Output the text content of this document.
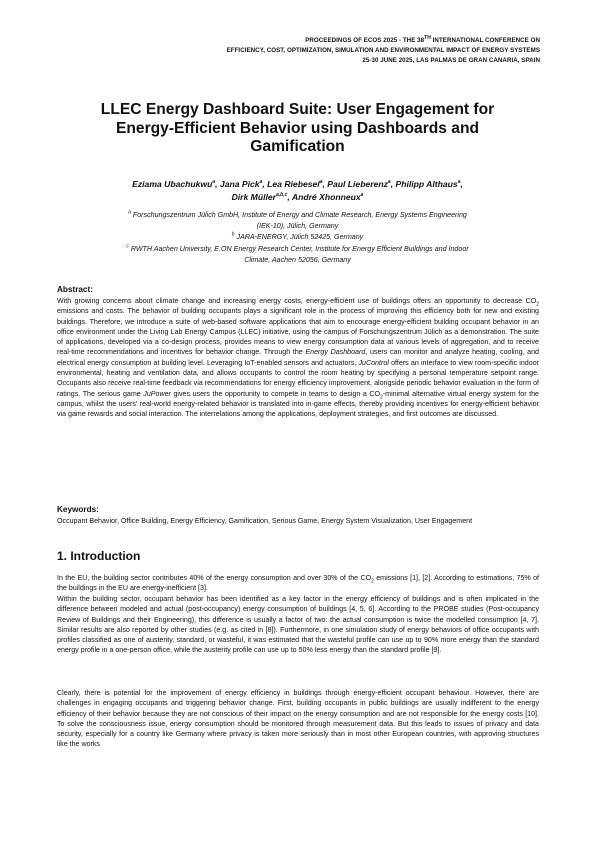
PROCEEDINGS OF ECOS 2025 - THE 38TH INTERNATIONAL CONFERENCE ON
EFFICIENCY, COST, OPTIMIZATION, SIMULATION AND ENVIRONMENTAL IMPACT OF ENERGY SYSTEMS
25-30 JUNE 2025, LAS PALMAS DE GRAN CANARIA, SPAIN
LLEC Energy Dashboard Suite: User Engagement for
Energy-Efficient Behavior using Dashboards and
Gamification
Eziama Ubachukwu$^a$, Jana Pick$^a$, Lea Riebesel$^a$, Paul Lieberenz$^a$, Philipp Althaus$^a$,
Dirk Müller$^{a,b,c}$, André Xhonneux$^a$
$^a$ Forschungszentrum Jülich GmbH, Institute of Energy and Climate Research, Energy Systems Engineering
(IEK-10), Jülich, Germany
$^b$ JARA-ENERGY, Jülich 52425, Germany
$^c$ RWTH Aachen University, E.ON Energy Research Center, Institute for Energy Efficient Buildings and Indoor
Climate, Aachen 52056, Germany
Abstract:
With growing concerns about climate change and increasing energy costs, energy-efficient use of buildings offers an opportunity to decrease $CO_2$ emissions and costs. The behavior of building occupants plays a significant role in the process of improving this efficiency both for new and existing buildings. Therefore, we introduce a suite of web-based software applications that aim to encourage energy-efficient building occupant behavior in an office environment under the Living Lab Energy Campus (LLEC) initiative, using the campus of Forschungszentrum Jülich as a demonstration. The suite of applications, developed via a co-design process, provides means to view energy consumption data at various levels of aggregation, and to receive real-time recommendations and incentives for behavior change. Through the Energy Dashboard, users can monitor and analyze heating, cooling, and electrical energy consumption at building level. Leveraging IoT-enabled sensors and actuators, JuControl offers an interface to view room-specific indoor environmental, heating and ventilation data, and allows occupants to control the room heating by specifying a personal temperature setpoint range. Occupants also receive real-time feedback via recommendations for energy efficiency improvement, alongside periodic behavior evaluation in the form of ratings. The serious game JuPower gives users the opportunity to compete in teams to design a $CO_2$-minimal alternative virtual energy system for the campus, whilst the users' real-world energy-related behavior is translated into in-game effects, thereby providing incentives for energy-efficient behavior via game rewards and social interaction. The interrelations among the applications, deployment strategies, and first outcomes are discussed.
Keywords:
Occupant Behavior, Office Building, Energy Efficiency, Gamification, Serious Game, Energy System Visualization, User Engagement
1. Introduction
In the EU, the building sector contributes 40% of the energy consumption and over 30% of the $CO_2$ emissions [1], [2]. According to estimations, 75% of the buildings in the EU are energy-inefficient [3].
Within the building sector, occupant behavior has been identified as a key factor in the energy efficiency of buildings and is often implicated in the difference between modeled and actual (post-occupancy) energy consumption of buildings [4, 5, 6]. According to the PROBE studies (Post-occupancy Review of Buildings and their Engineering), this difference is usually a factor of two: the actual consumption is twice the modelled consumption [4, 7]. Similar results are also reported by other studies (e.g. as cited in [8]). Furthermore, in one simulation study of energy behaviors of office occupants with profiles classified as one of austerity, standard, or wasteful, it was estimated that the wasteful profile can use up to 90% more energy than the standard energy profile in a one-person office, while the austerity profile can use up to 50% less energy than the standard profile [9].
Clearly, there is potential for the improvement of energy efficiency in buildings through energy-efficient occupant behaviour. However, there are challenges in engaging occupants and triggering behavior change. First, building occupants in public buildings are usually indifferent to the energy efficiency of their behavior because they are not conscious of their impact on the energy consumption and are not responsible for the energy costs [10]. To solve the consciousness issue, energy consumption should be monitored through measurement data. But this leads to issues of privacy and data security, especially for a country like Germany where privacy is taken more seriously than in most other European countries, with approving structures like the works
